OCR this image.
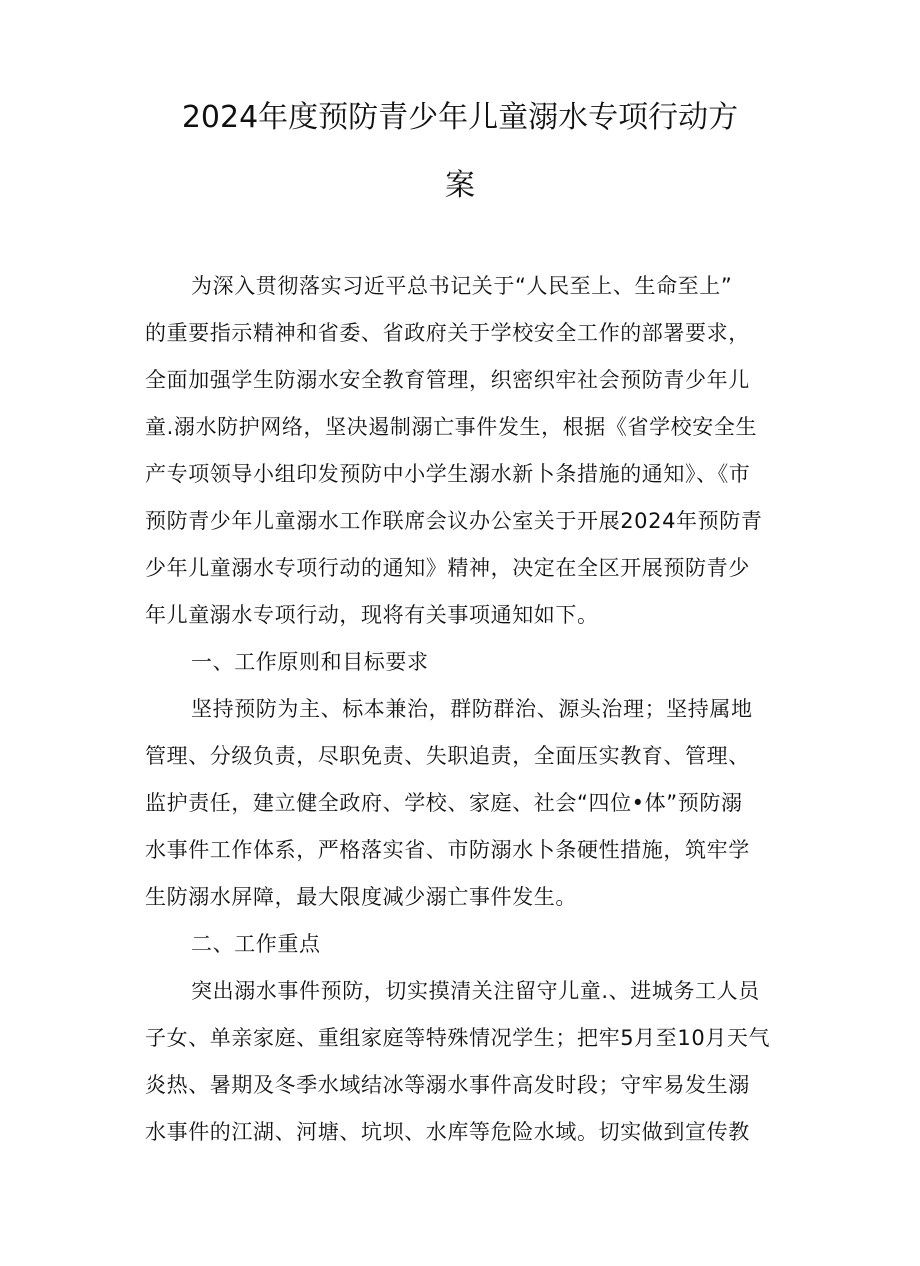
2024年度预防青少年儿童溺水专项行动方
案
为深入贯彻落实习近平总书记关于“人民至上、生命至上”
的重要指示精神和省委、省政府关于学校安全工作的部署要求，
全面加强学生防溺水安全教育管理，织密织牢社会预防青少年儿
童.溺水防护网络，坚决遏制溺亡事件发生，根据《省学校安全生
产专项领导小组印发预防中小学生溺水新卜条措施的通知》、《市
预防青少年儿童溺水工作联席会议办公室关于开展2024年预防青
少年儿童溺水专项行动的通知》精神，决定在全区开展预防青少
年儿童溺水专项行动，现将有关事项通知如下。
一、工作原则和目标要求
坚持预防为主、标本兼治，群防群治、源头治理；坚持属地
管理、分级负责，尽职免责、失职追责，全面压实教育、管理、
监护责任，建立健全政府、学校、家庭、社会“四位•体”预防溺
水事件工作体系，严格落实省、市防溺水卜条硬性措施，筑牢学
生防溺水屏障，最大限度减少溺亡事件发生。
二、工作重点
突出溺水事件预防，切实摸清关注留守儿童.、进城务工人员
子女、单亲家庭、重组家庭等特殊情况学生；把牢5月至10月天气
炎热、暑期及冬季水域结冰等溺水事件高发时段；守牢易发生溺
水事件的江湖、河塘、坑坝、水库等危险水域。切实做到宣传教
